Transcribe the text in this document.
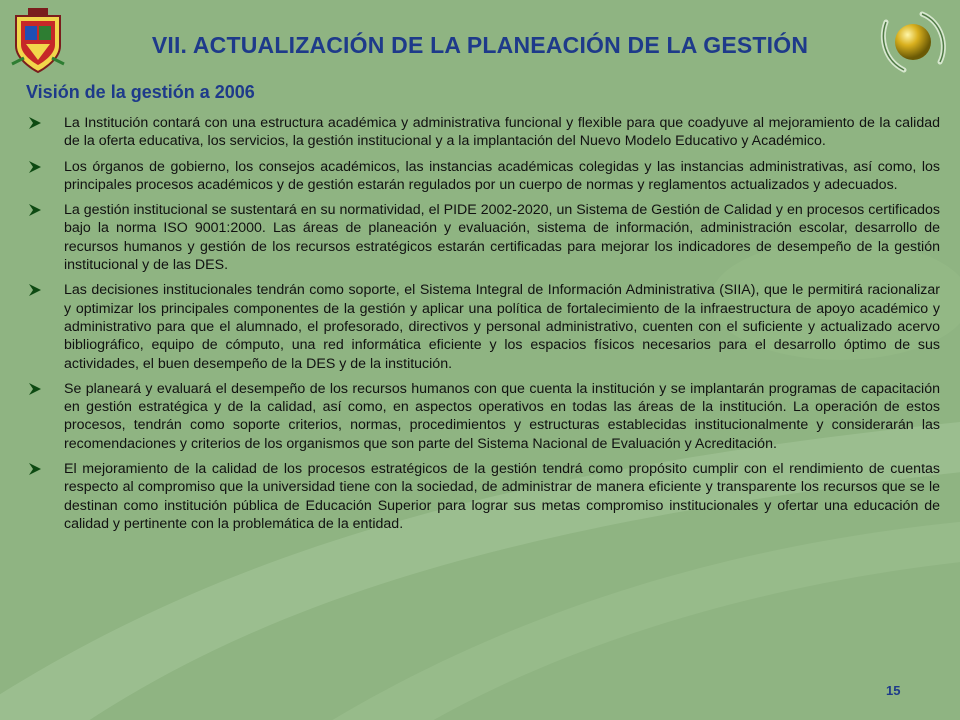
VII. ACTUALIZACIÓN DE LA PLANEACIÓN DE LA GESTIÓN
Visión de la gestión a 2006
La Institución contará con una estructura académica y administrativa funcional y flexible para que coadyuve al mejoramiento de la calidad de la oferta educativa, los servicios, la gestión institucional y a la implantación del Nuevo Modelo Educativo y Académico.
Los órganos de gobierno, los consejos académicos, las instancias académicas colegidas y las instancias administrativas, así como, los principales procesos académicos y de gestión estarán regulados por un cuerpo de normas y reglamentos actualizados y adecuados.
La gestión institucional se sustentará en su normatividad, el PIDE 2002-2020, un Sistema de Gestión de Calidad y en procesos certificados bajo la norma ISO 9001:2000. Las áreas de planeación y evaluación, sistema de información, administración escolar, desarrollo de recursos humanos y gestión de los recursos estratégicos estarán certificadas para mejorar los indicadores de desempeño de la gestión institucional y de las DES.
Las decisiones institucionales tendrán como soporte, el Sistema Integral de Información Administrativa (SIIA), que le permitirá racionalizar y optimizar los principales componentes de la gestión y aplicar una política de fortalecimiento de la infraestructura de apoyo académico y administrativo para que el alumnado, el profesorado, directivos y personal administrativo, cuenten con el suficiente y actualizado acervo bibliográfico, equipo de cómputo, una red informática eficiente y los espacios físicos necesarios para el desarrollo óptimo de sus actividades, el buen desempeño de la DES y de la institución.
Se planeará y evaluará el desempeño de los recursos humanos con que cuenta la institución y se implantarán programas de capacitación en gestión estratégica y de la calidad, así como, en aspectos operativos en todas las áreas de la institución. La operación de estos procesos, tendrán como soporte criterios, normas, procedimientos y estructuras establecidas institucionalmente y considerarán las recomendaciones y criterios de los organismos que son parte del Sistema Nacional de Evaluación y Acreditación.
El mejoramiento de la calidad de los procesos estratégicos de la gestión tendrá como propósito cumplir con el rendimiento de cuentas respecto al compromiso que la universidad tiene con la sociedad, de administrar de manera eficiente y transparente los recursos que se le destinan como institución pública de Educación Superior para lograr sus metas compromiso institucionales y ofertar una educación de calidad y pertinente con la problemática de la entidad.
15
